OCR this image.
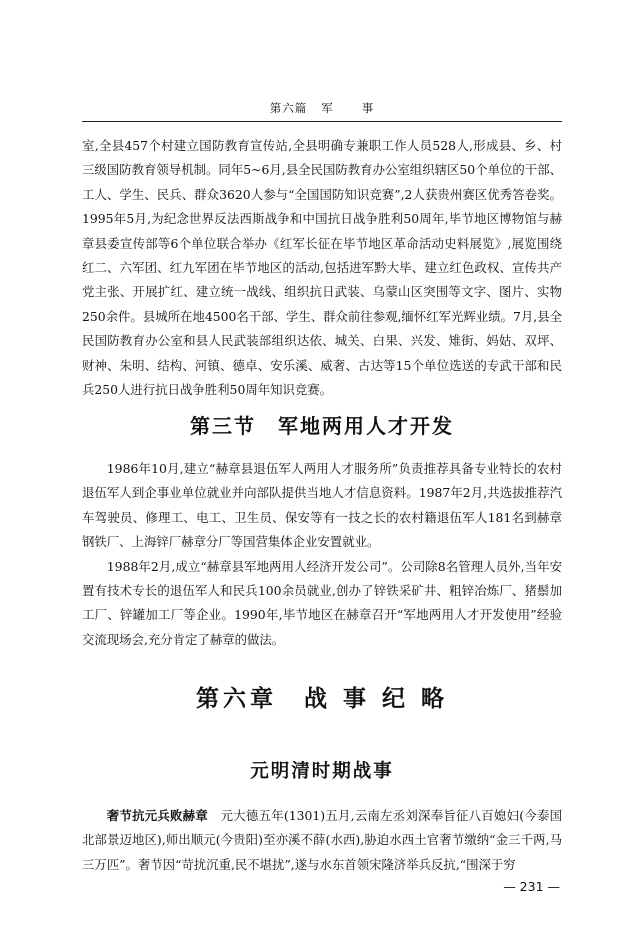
第六篇 军 事

室,全县457个村建立国防教育宣传站,全县明确专兼职工作人员528人,形成县、乡、村三级国防教育领导机制。同年5~6月,县全民国防教育办公室组织辖区50个单位的干部、工人、学生、民兵、群众3620人参与“全国国防知识竞赛”,2人获贵州赛区优秀答卷奖。1995年5月,为纪念世界反法西斯战争和中国抗日战争胜利50周年,毕节地区博物馆与赫章县委宣传部等6个单位联合举办《红军长征在毕节地区革命活动史料展览》,展览围绕红二、六军团、红九军团在毕节地区的活动,包括进军黔大毕、建立红色政权、宣传共产党主张、开展扩红、建立统一战线、组织抗日武装、乌蒙山区突围等文字、图片、实物250余件。县城所在地4500名干部、学生、群众前往参观,缅怀红军光辉业绩。7月,县全民国防教育办公室和县人民武装部组织达依、城关、白果、兴发、雉街、妈姑、双坪、财神、朱明、结构、河镇、德卓、安乐溪、威奢、古达等15个单位选送的专武干部和民兵250人进行抗日战争胜利50周年知识竞赛。

第三节　军地两用人才开发

1986年10月,建立“赫章县退伍军人两用人才服务所”负责推荐具备专业特长的农村退伍军人到企事业单位就业并向部队提供当地人才信息资料。1987年2月,共选拔推荐汽车驾驶员、修理工、电工、卫生员、保安等有一技之长的农村籍退伍军人181名到赫章钢铁厂、上海锌厂赫章分厂等国营集体企业安置就业。

1988年2月,成立“赫章县军地两用人经济开发公司”。公司除8名管理人员外,当年安置有技术专长的退伍军人和民兵100余员就业,创办了锌铁采矿井、粗锌冶炼厂、猪鬃加工厂、锌罐加工厂等企业。1990年,毕节地区在赫章召开“军地两用人才开发使用”经验交流现场会,充分肯定了赫章的做法。

第六章　战 事 纪 略
元明清时期战事

奢节抗元兵败赫章　元大德五年(1301)五月,云南左丞刘深奉旨征八百媳妇(今泰国北部景迈地区),师出顺元(今贵阳)至亦溪不薛(水西),胁迫水西土官奢节缴纳“金三千两,马三万匹”。奢节因“苛扰沉重,民不堪扰”,遂与水东首领宋隆济举兵反抗,“围深于穷

— 231 —
